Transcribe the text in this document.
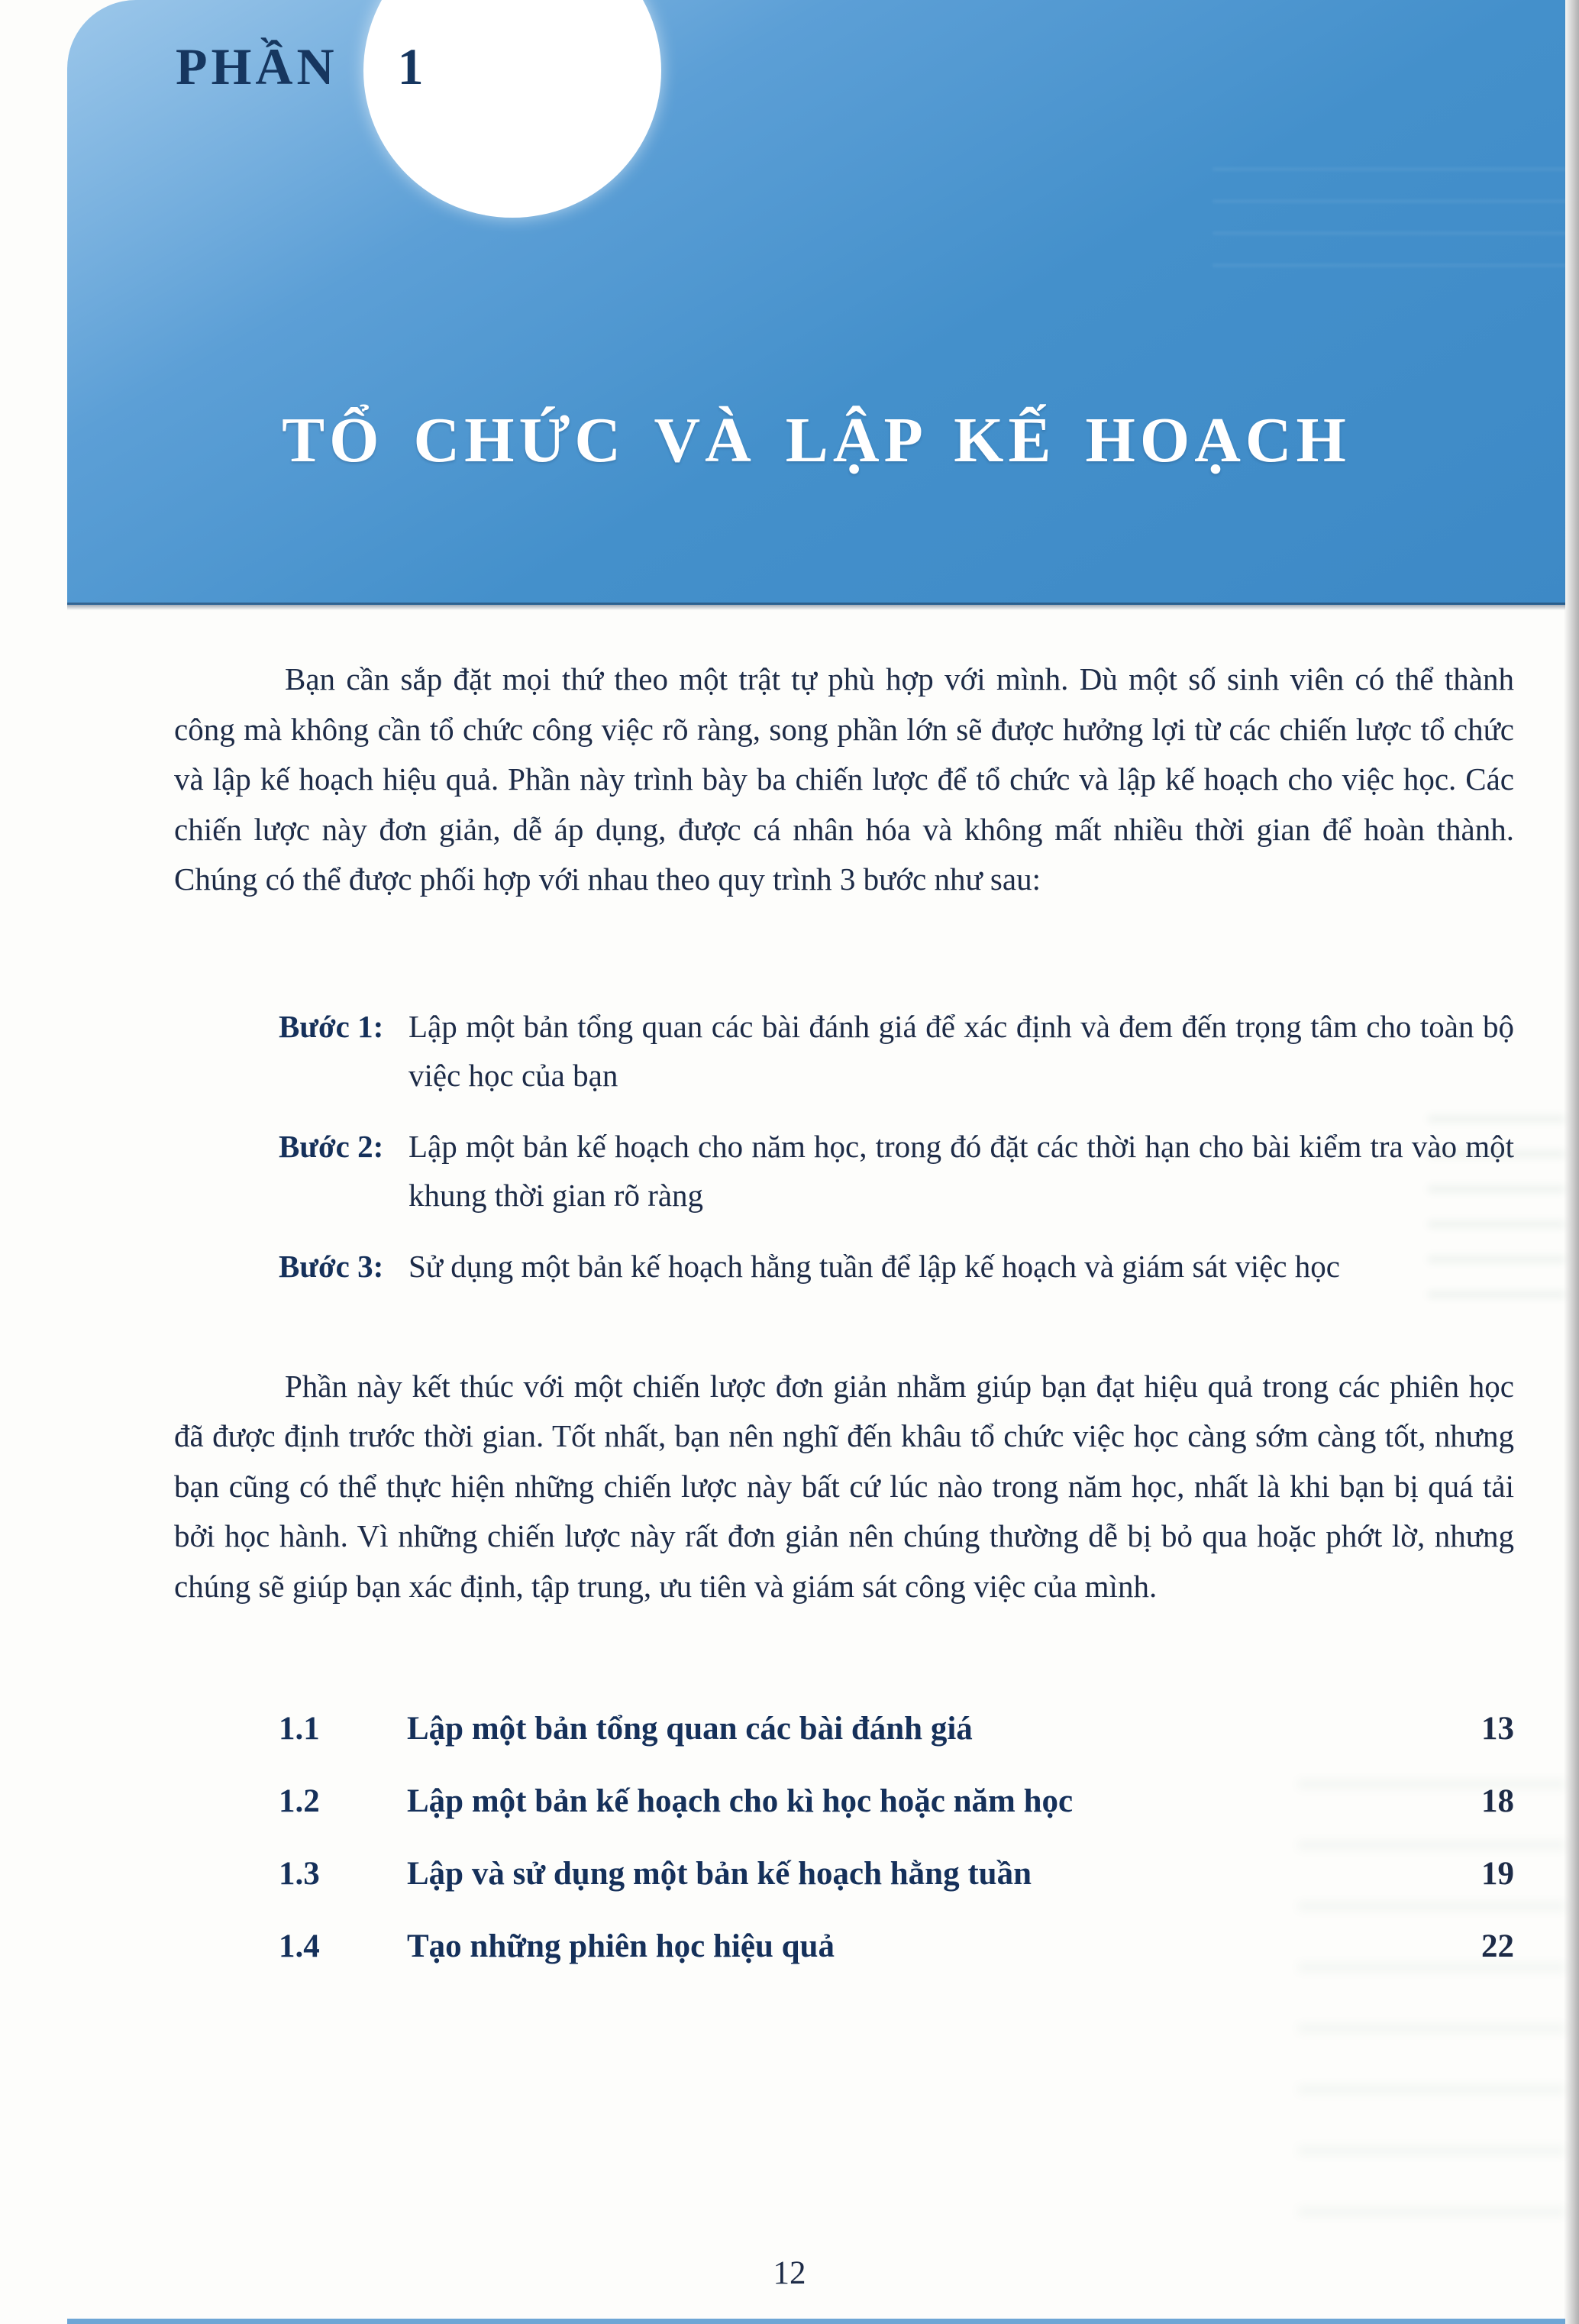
PHẦN 1
TỔ CHỨC VÀ LẬP KẾ HOẠCH

Bạn cần sắp đặt mọi thứ theo một trật tự phù hợp với mình. Dù một số sinh viên có thể thành công mà không cần tổ chức công việc rõ ràng, song phần lớn sẽ được hưởng lợi từ các chiến lược tổ chức và lập kế hoạch hiệu quả. Phần này trình bày ba chiến lược để tổ chức và lập kế hoạch cho việc học. Các chiến lược này đơn giản, dễ áp dụng, được cá nhân hóa và không mất nhiều thời gian để hoàn thành. Chúng có thể được phối hợp với nhau theo quy trình 3 bước như sau:

Bước 1: Lập một bản tổng quan các bài đánh giá để xác định và đem đến trọng tâm cho toàn bộ việc học của bạn
Bước 2: Lập một bản kế hoạch cho năm học, trong đó đặt các thời hạn cho bài kiểm tra vào một khung thời gian rõ ràng
Bước 3: Sử dụng một bản kế hoạch hằng tuần để lập kế hoạch và giám sát việc học

Phần này kết thúc với một chiến lược đơn giản nhằm giúp bạn đạt hiệu quả trong các phiên học đã được định trước thời gian. Tốt nhất, bạn nên nghĩ đến khâu tổ chức việc học càng sớm càng tốt, nhưng bạn cũng có thể thực hiện những chiến lược này bất cứ lúc nào trong năm học, nhất là khi bạn bị quá tải bởi học hành. Vì những chiến lược này rất đơn giản nên chúng thường dễ bị bỏ qua hoặc phớt lờ, nhưng chúng sẽ giúp bạn xác định, tập trung, ưu tiên và giám sát công việc của mình.

1.1	Lập một bản tổng quan các bài đánh giá	13
1.2	Lập một bản kế hoạch cho kì học hoặc năm học	18
1.3	Lập và sử dụng một bản kế hoạch hằng tuần	19
1.4	Tạo những phiên học hiệu quả	22
12
